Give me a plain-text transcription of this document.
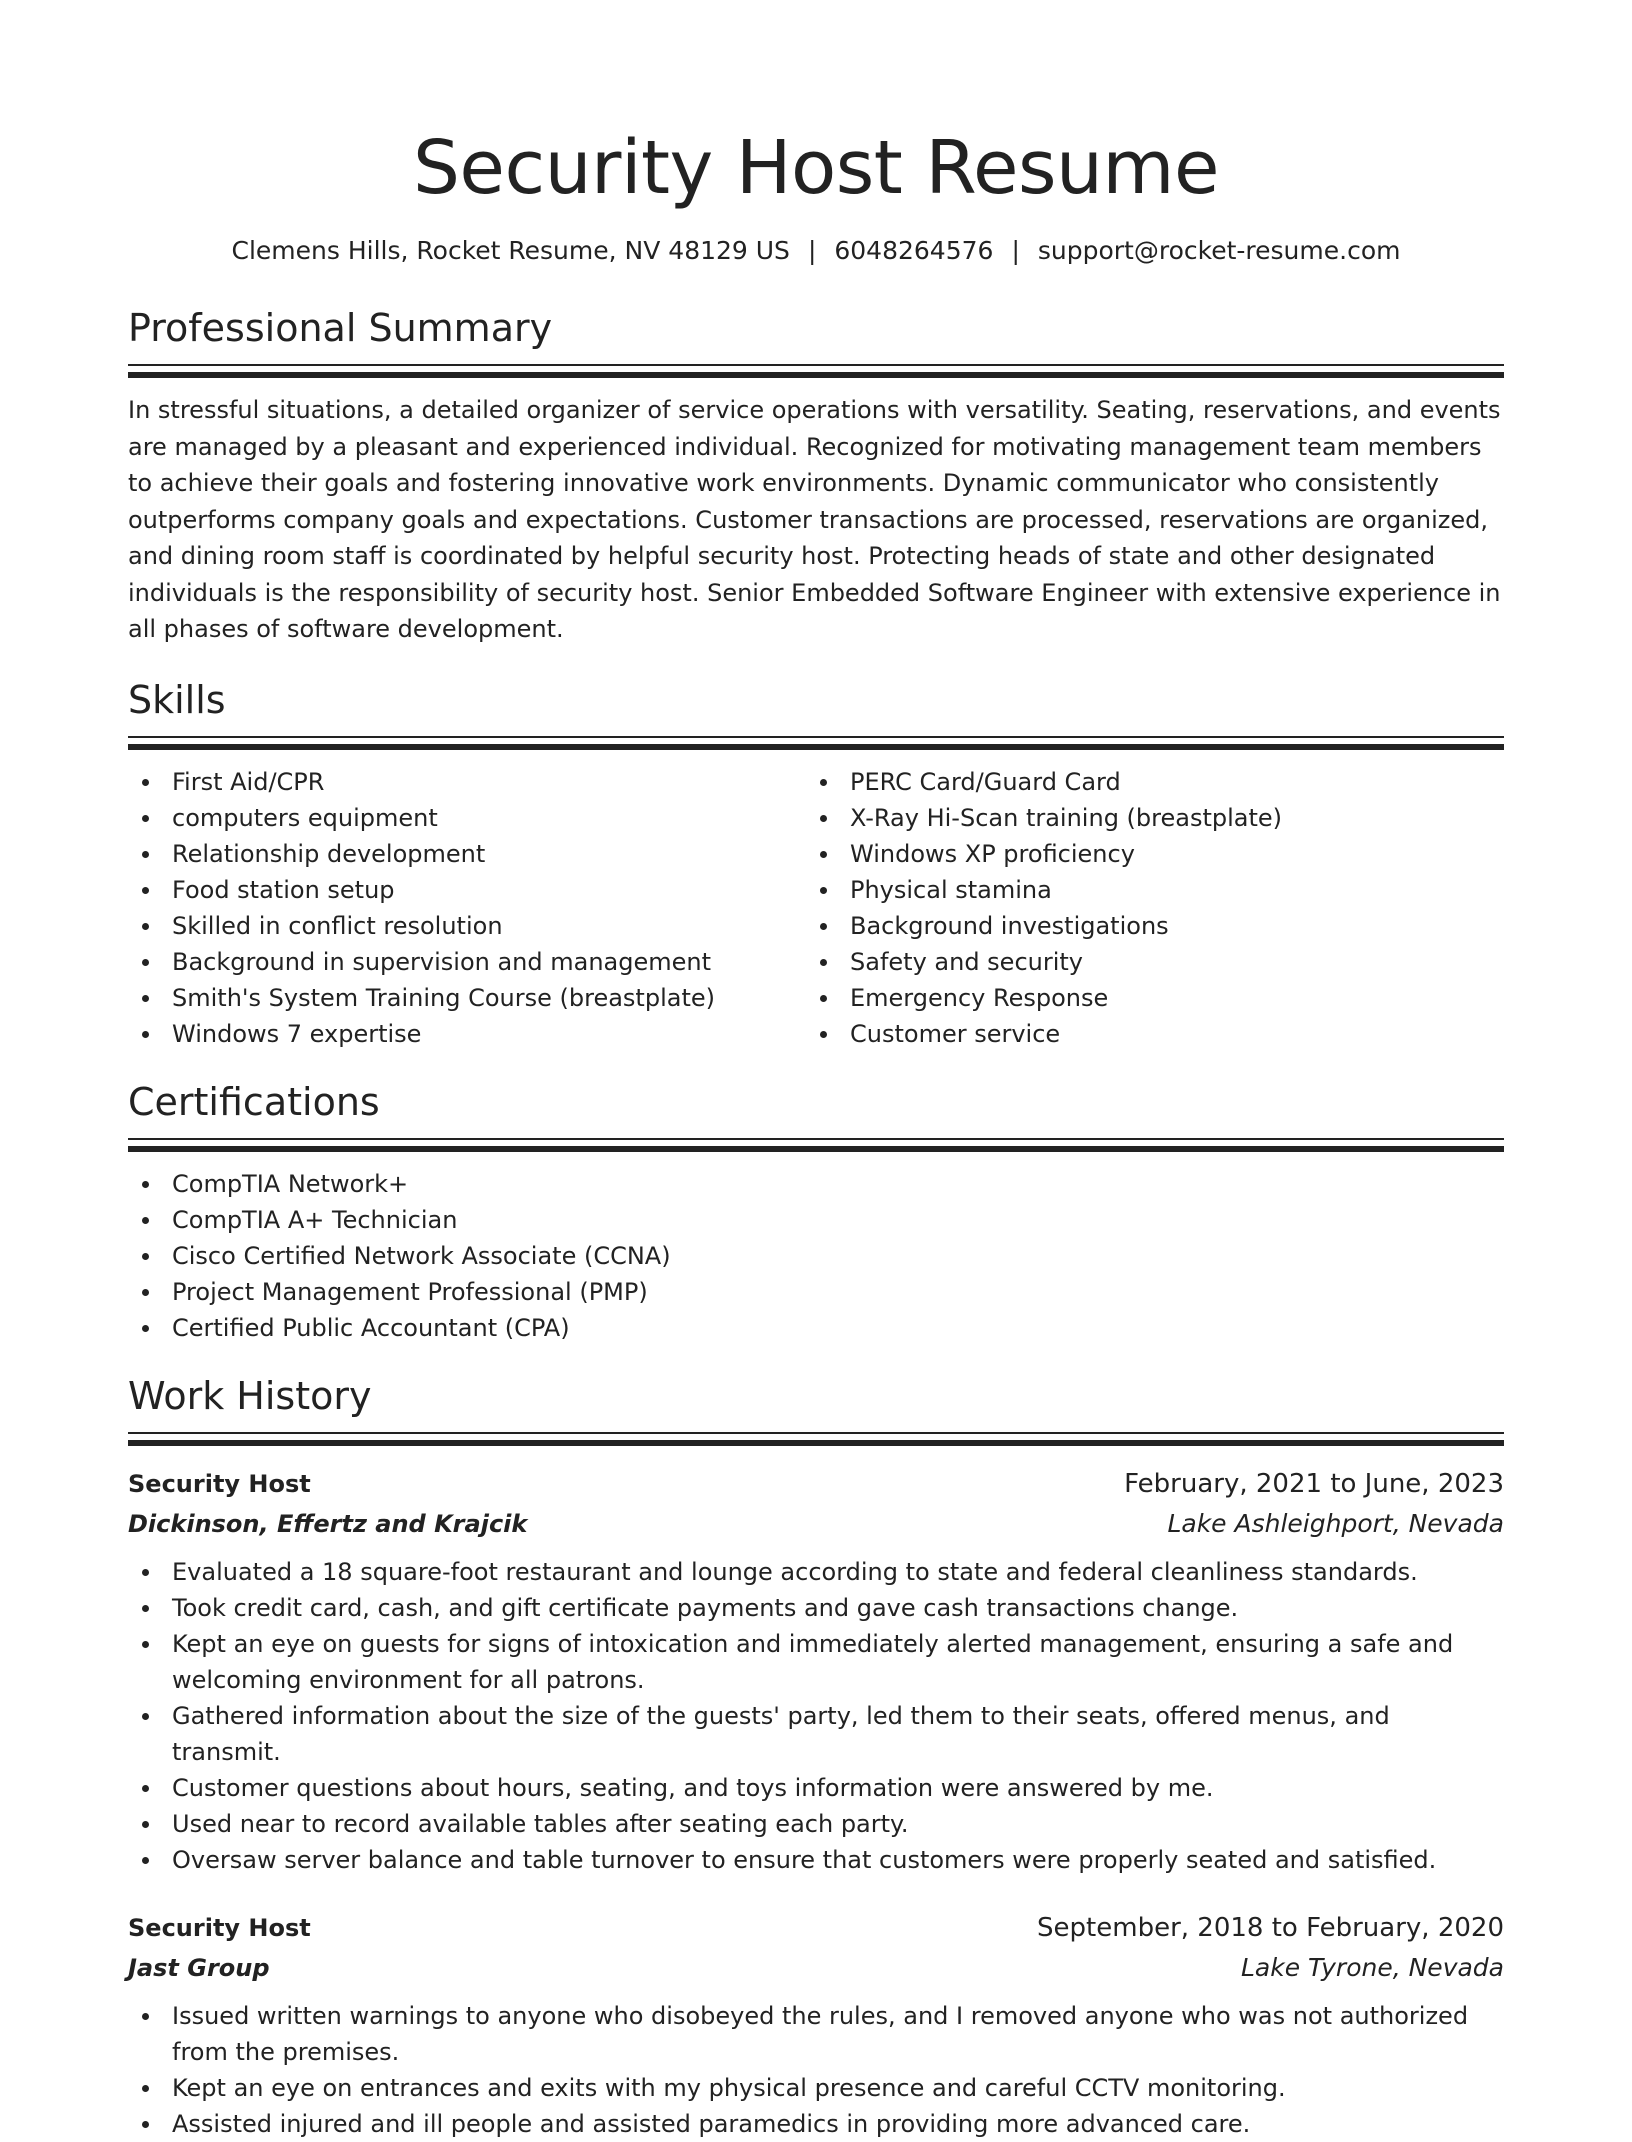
Security Host Resume
Clemens Hills, Rocket Resume, NV 48129 US | 6048264576 | support@rocket-resume.com
Professional Summary

In stressful situations, a detailed organizer of service operations with versatility. Seating, reservations, and events are managed by a pleasant and experienced individual. Recognized for motivating management team members to achieve their goals and fostering innovative work environments. Dynamic communicator who consistently outperforms company goals and expectations. Customer transactions are processed, reservations are organized, and dining room staff is coordinated by helpful security host. Protecting heads of state and other designated individuals is the responsibility of security host. Senior Embedded Software Engineer with extensive experience in all phases of software development.

Skills
First Aid/CPR
computers equipment
Relationship development
Food station setup
Skilled in conflict resolution
Background in supervision and management
Smith's System Training Course (breastplate)
Windows 7 expertise
PERC Card/Guard Card
X-Ray Hi-Scan training (breastplate)
Windows XP proficiency
Physical stamina
Background investigations
Safety and security
Emergency Response
Customer service
Certifications
CompTIA Network+
CompTIA A+ Technician
Cisco Certified Network Associate (CCNA)
Project Management Professional (PMP)
Certified Public Accountant (CPA)
Work History
Security Host	February, 2021 to June, 2023
Dickinson, Effertz and Krajcik	Lake Ashleighport, Nevada
Evaluated a 18 square-foot restaurant and lounge according to state and federal cleanliness standards.
Took credit card, cash, and gift certificate payments and gave cash transactions change.
Kept an eye on guests for signs of intoxication and immediately alerted management, ensuring a safe and welcoming environment for all patrons.
Gathered information about the size of the guests' party, led them to their seats, offered menus, and transmit.
Customer questions about hours, seating, and toys information were answered by me.
Used near to record available tables after seating each party.
Oversaw server balance and table turnover to ensure that customers were properly seated and satisfied.
Security Host	September, 2018 to February, 2020
Jast Group	Lake Tyrone, Nevada
Issued written warnings to anyone who disobeyed the rules, and I removed anyone who was not authorized from the premises.
Kept an eye on entrances and exits with my physical presence and careful CCTV monitoring.
Assisted injured and ill people and assisted paramedics in providing more advanced care.
